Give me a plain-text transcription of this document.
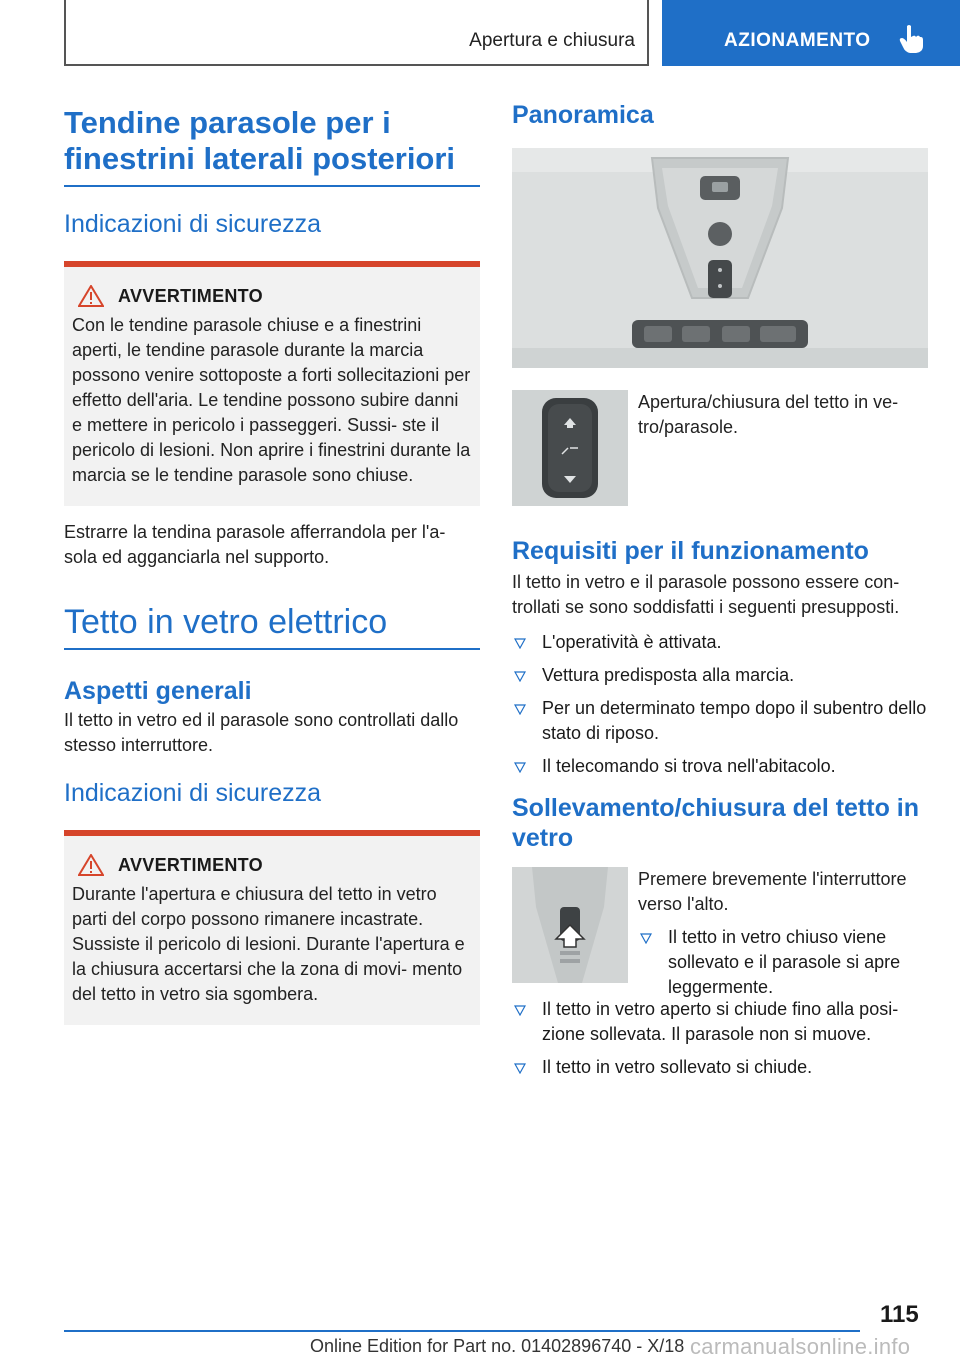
Apertura e chiusura	AZIONAMENTO
Tendine parasole per i finestrini laterali posteriori
Indicazioni di sicurezza
AVVERTIMENTO
Con le tendine parasole chiuse e a finestrini aperti, le tendine parasole durante la marcia possono venire sottoposte a forti sollecitazioni per effetto dell'aria. Le tendine possono subire danni e mettere in pericolo i passeggeri. Sussi- ste il pericolo di lesioni. Non aprire i finestrini durante la marcia se le tendine parasole sono chiuse.
Estrarre la tendina parasole afferrandola per l'a- sola ed agganciarla nel supporto.
Tetto in vetro elettrico
Aspetti generali
Il tetto in vetro ed il parasole sono controllati dallo stesso interruttore.
Indicazioni di sicurezza
AVVERTIMENTO
Durante l'apertura e chiusura del tetto in vetro parti del corpo possono rimanere incastrate. Sussiste il pericolo di lesioni. Durante l'apertura e la chiusura accertarsi che la zona di movi- mento del tetto in vetro sia sgombera.
Panoramica
Apertura/chiusura del tetto in ve- tro/parasole.
Requisiti per il funzionamento
Il tetto in vetro e il parasole possono essere con- trollati se sono soddisfatti i seguenti presupposti.
L'operatività è attivata.
Vettura predisposta alla marcia.
Per un determinato tempo dopo il subentro dello stato di riposo.
Il telecomando si trova nell'abitacolo.
Sollevamento/chiusura del tetto in vetro
Premere brevemente l'interruttore verso l'alto.
Il tetto in vetro chiuso viene sollevato e il parasole si apre leggermente.
Il tetto in vetro aperto si chiude fino alla posi- zione sollevata. Il parasole non si muove.
Il tetto in vetro sollevato si chiude.
115
Online Edition for Part no. 01402896740 - X/18 carmanualsonline.info
